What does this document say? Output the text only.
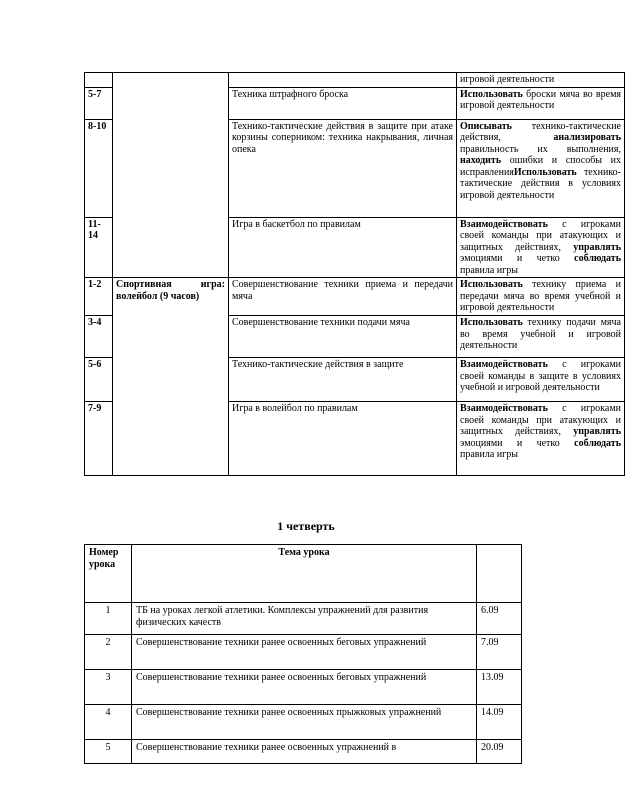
			игровой деятельности
5-7		Техника штрафного броска	Использовать броски мяча во время игровой деятельности
8-10		Технико-тактические действия в защите при атаке корзины соперником: техника накрывания, личная опека	Описывать технико-тактические действия, анализировать правильность их выполнения, находить ошибки и способы их исправленияИспользовать технико-тактические действия в условиях игровой деятельности
11-14		Игра в баскетбол по правилам	Взаимодействовать с игроками своей команды при атакующих и защитных действиях, управлять эмоциями и четко соблюдать правила игры
1-2	Спортивная игра: волейбол (9 часов)	Совершенствование техники приема и передачи мяча	Использовать технику приема и передачи мяча во время учебной и игровой деятельности
3-4		Совершенствование техники подачи мяча	Использовать технику подачи мяча во время учебной и игровой деятельности
5-6		Технико-тактические действия в защите	Взаимодействовать с игроками своей команды в защите в условиях учебной и игровой деятельности
7-9		Игра в волейбол по правилам	Взаимодействовать с игроками своей команды при атакующих и защитных действиях, управлять эмоциями и четко соблюдать правила игры
1 четверть
Номер урока	Тема урока	
1	ТБ на уроках легкой атлетики. Комплексы упражнений для развития физических качеств	6.09
2	Совершенствование техники ранее освоенных беговых упражнений	7.09
3	Совершенствование техники ранее освоенных беговых упражнений	13.09
4	Совершенствование техники ранее освоенных прыжковых упражнений	14.09
5	Совершенствование техники ранее освоенных упражнений в	20.09
